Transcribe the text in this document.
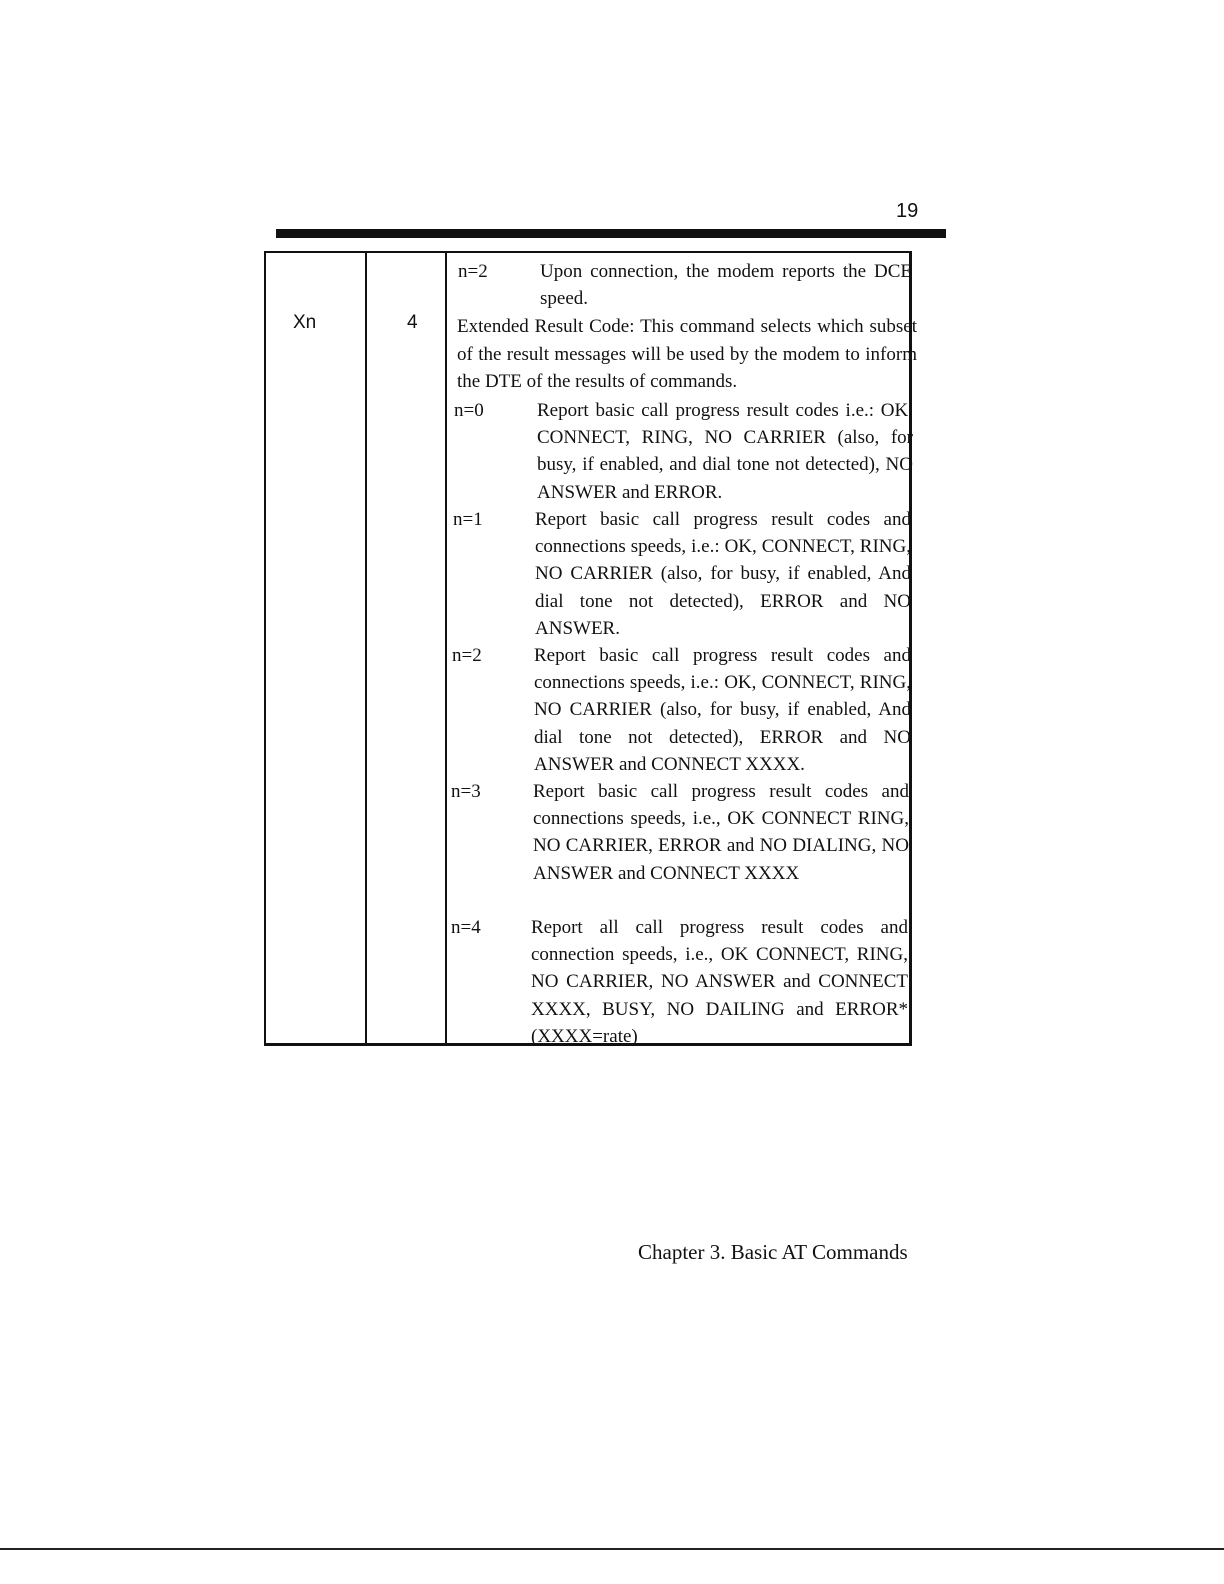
19
n=2	Upon connection, the modem reports the DCE speed.
Xn	4 Extended Result Code: This command selects which subset of the result messages will be used by the modem to inform the DTE of the results of commands.
n=0	Report basic call progress result codes i.e.: OK, CONNECT, RING, NO CARRIER (also, for busy, if enabled, and dial tone not detected), NO ANSWER and ERROR.
n=1	Report basic call progress result codes and connections speeds, i.e.: OK, CONNECT, RING, NO CARRIER (also, for busy, if enabled, And dial tone not detected), ERROR and NO ANSWER.
n=2	Report basic call progress result codes and connections speeds, i.e.: OK, CONNECT, RING, NO CARRIER (also, for busy, if enabled, And dial tone not detected), ERROR and NO ANSWER and CONNECT XXXX.
n=3	Report basic call progress result codes and connections speeds, i.e., OK CONNECT RING, NO CARRIER, ERROR and NO DIALING, NO ANSWER and CONNECT XXXX
n=4	Report all call progress result codes and connection speeds, i.e., OK CONNECT, RING, NO CARRIER, NO ANSWER and CONNECT XXXX, BUSY, NO DAILING and ERROR* (XXXX=rate)
Chapter 3. Basic AT Commands
